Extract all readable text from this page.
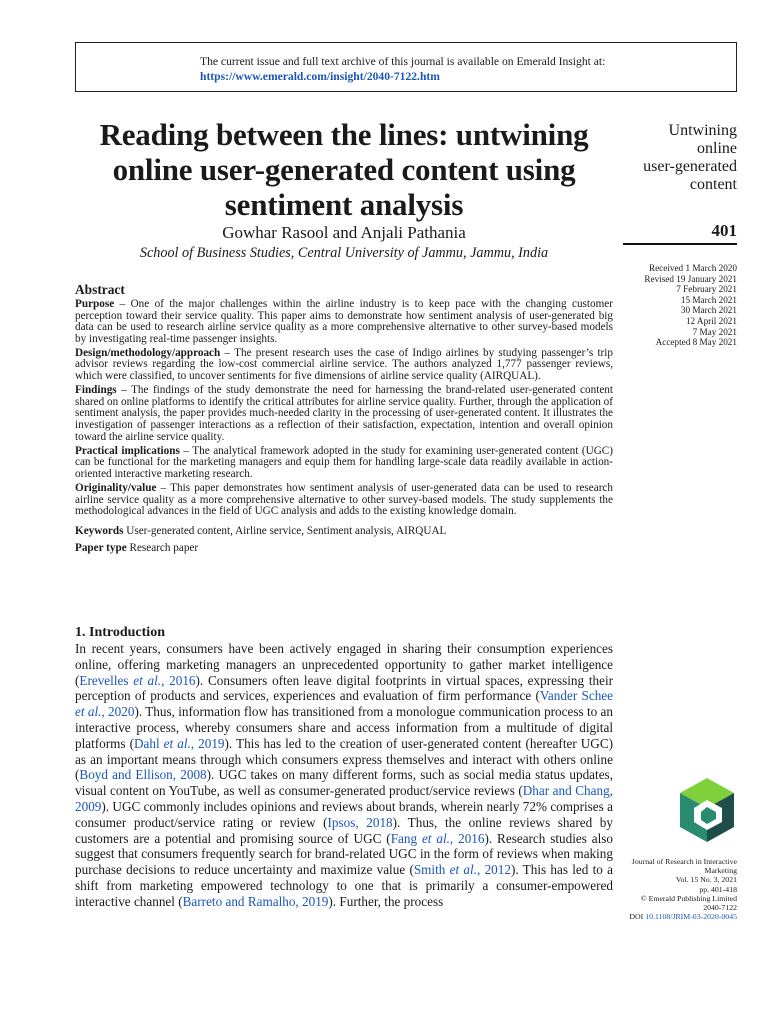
The current issue and full text archive of this journal is available on Emerald Insight at:
https://www.emerald.com/insight/2040-7122.htm
Reading between the lines: untwining online user-generated content using sentiment analysis
Gowhar Rasool and Anjali Pathania
School of Business Studies, Central University of Jammu, Jammu, India
Untwining
online
user-generated
content
401
Received 1 March 2020
Revised 19 January 2021
7 February 2021
15 March 2021
30 March 2021
12 April 2021
7 May 2021
Accepted 8 May 2021
Abstract

Purpose – One of the major challenges within the airline industry is to keep pace with the changing customer perception toward their service quality. This paper aims to demonstrate how sentiment analysis of user-generated big data can be used to research airline service quality as a more comprehensive alternative to other survey-based models by investigating real-time passenger insights.

Design/methodology/approach – The present research uses the case of Indigo airlines by studying passenger’s trip advisor reviews regarding the low-cost commercial airline service. The authors analyzed 1,777 passenger reviews, which were classified, to uncover sentiments for five dimensions of airline service quality (AIRQUAL).

Findings – The findings of the study demonstrate the need for harnessing the brand-related user-generated content shared on online platforms to identify the critical attributes for airline service quality. Further, through the application of sentiment analysis, the paper provides much-needed clarity in the processing of user-generated content. It illustrates the investigation of passenger interactions as a reflection of their satisfaction, expectation, intention and overall opinion toward the airline service quality.

Practical implications – The analytical framework adopted in the study for examining user-generated content (UGC) can be functional for the marketing managers and equip them for handling large-scale data readily available in action-oriented interactive marketing research.

Originality/value – This paper demonstrates how sentiment analysis of user-generated data can be used to research airline service quality as a more comprehensive alternative to other survey-based models. The study supplements the methodological advances in the field of UGC analysis and adds to the existing knowledge domain.

Keywords User-generated content, Airline service, Sentiment analysis, AIRQUAL

Paper type Research paper

1. Introduction

In recent years, consumers have been actively engaged in sharing their consumption experiences online, offering marketing managers an unprecedented opportunity to gather market intelligence (Erevelles et al., 2016). Consumers often leave digital footprints in virtual spaces, expressing their perception of products and services, experiences and evaluation of firm performance (Vander Schee et al., 2020). Thus, information flow has transitioned from a monologue communication process to an interactive process, whereby consumers share and access information from a multitude of digital platforms (Dahl et al., 2019). This has led to the creation of user-generated content (hereafter UGC) as an important means through which consumers express themselves and interact with others online (Boyd and Ellison, 2008). UGC takes on many different forms, such as social media status updates, visual content on YouTube, as well as consumer-generated product/service reviews (Dhar and Chang, 2009). UGC commonly includes opinions and reviews about brands, wherein nearly 72% comprises a consumer product/service rating or review (Ipsos, 2018). Thus, the online reviews shared by customers are a potential and promising source of UGC (Fang et al., 2016). Research studies also suggest that consumers frequently search for brand-related UGC in the form of reviews when making purchase decisions to reduce uncertainty and maximize value (Smith et al., 2012). This has led to a shift from marketing empowered technology to one that is primarily a consumer-empowered interactive channel (Barreto and Ramalho, 2019). Further, the process

Journal of Research in Interactive Marketing
Vol. 15 No. 3, 2021
pp. 401-418
© Emerald Publishing Limited
2040-7122
DOI 10.1108/JRIM-03-2020-0045
